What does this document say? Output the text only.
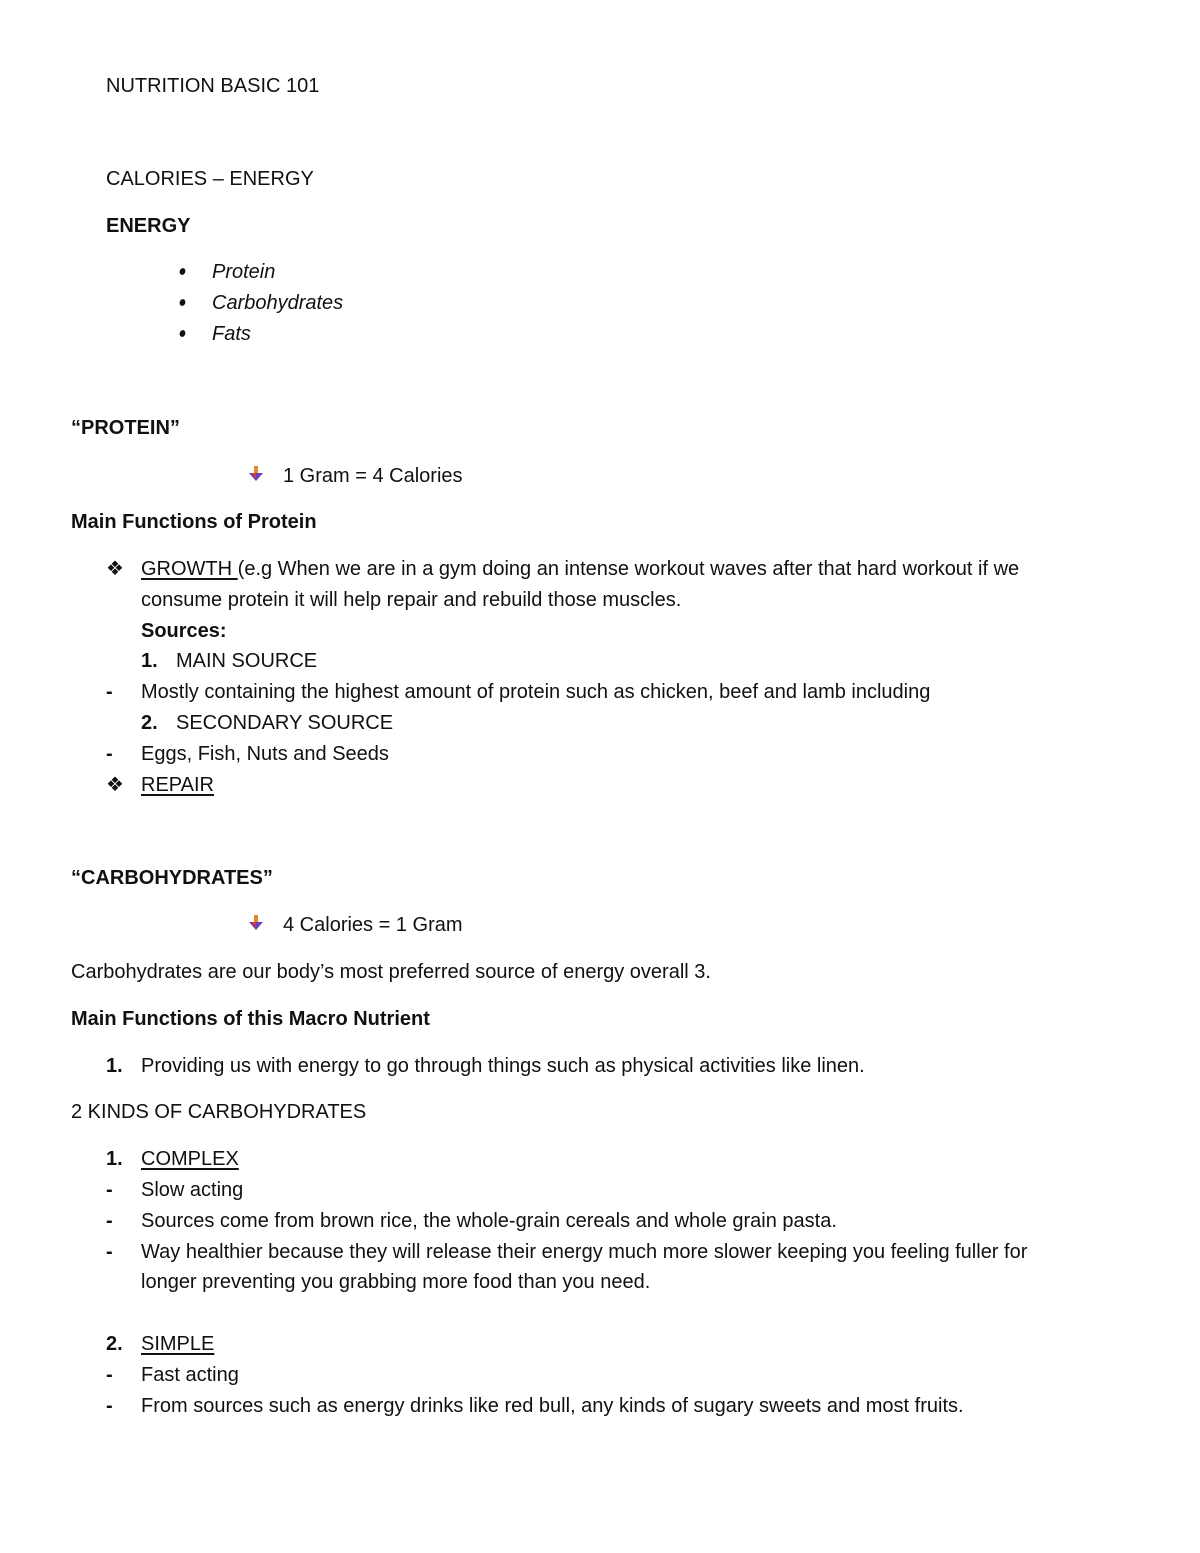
NUTRITION BASIC 101
CALORIES – ENERGY
ENERGY
Protein
Carbohydrates
Fats
“PROTEIN”
1 Gram = 4 Calories
Main Functions of Protein
❖ GROWTH (e.g When we are in a gym doing an intense workout waves after that hard workout if we
consume protein it will help repair and rebuild those muscles.
Sources:
1. MAIN SOURCE
- Mostly containing the highest amount of protein such as chicken, beef and lamb including
2. SECONDARY SOURCE
- Eggs, Fish, Nuts and Seeds
❖ REPAIR
“CARBOHYDRATES”
4 Calories = 1 Gram
Carbohydrates are our body’s most preferred source of energy overall 3.
Main Functions of this Macro Nutrient
1. Providing us with energy to go through things such as physical activities like linen.
2 KINDS OF CARBOHYDRATES
1. COMPLEX
- Slow acting
- Sources come from brown rice, the whole-grain cereals and whole grain pasta.
- Way healthier because they will release their energy much more slower keeping you feeling fuller for
longer preventing you grabbing more food than you need.
2. SIMPLE
- Fast acting
- From sources such as energy drinks like red bull, any kinds of sugary sweets and most fruits.
